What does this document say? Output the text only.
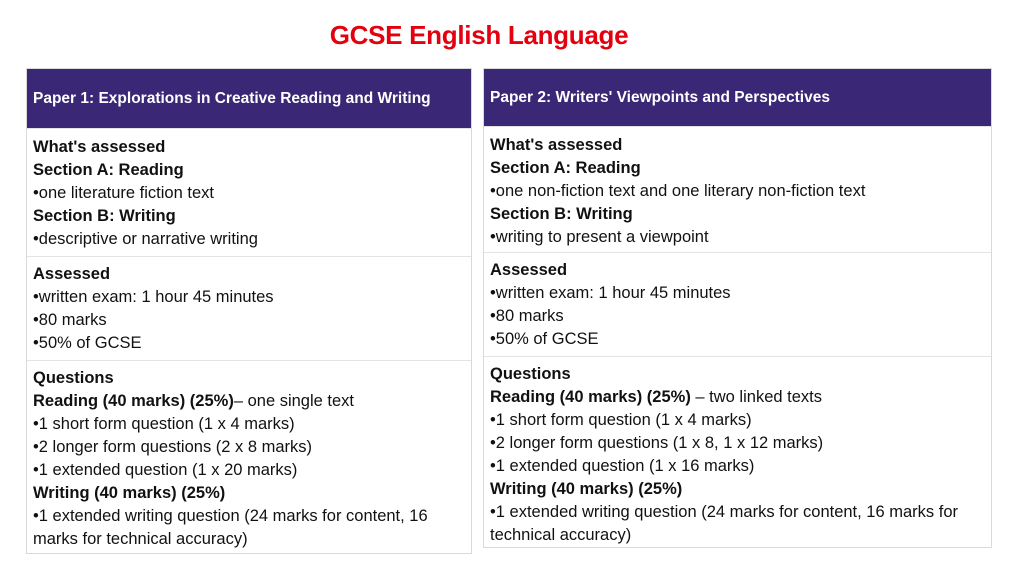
GCSE English Language
Paper 1: Explorations in Creative Reading and Writing
What's assessed
Section A: Reading
•one literature fiction text
Section B: Writing
•descriptive or narrative writing
Assessed
•written exam: 1 hour 45 minutes
•80 marks
•50% of GCSE
Questions
Reading (40 marks) (25%)– one single text
•1 short form question (1 x 4 marks)
•2 longer form questions (2 x 8 marks)
•1 extended question (1 x 20 marks)
Writing (40 marks) (25%)
•1 extended writing question (24 marks for content, 16 marks for technical accuracy)
Paper 2: Writers' Viewpoints and Perspectives
What's assessed
Section A: Reading
•one non-fiction text and one literary non-fiction text
Section B: Writing
•writing to present a viewpoint
Assessed
•written exam: 1 hour 45 minutes
•80 marks
•50% of GCSE
Questions
Reading (40 marks) (25%) – two linked texts
•1 short form question (1 x 4 marks)
•2 longer form questions (1 x 8, 1 x 12 marks)
•1 extended question (1 x 16 marks)
Writing (40 marks) (25%)
•1 extended writing question (24 marks for content, 16 marks for technical accuracy)
